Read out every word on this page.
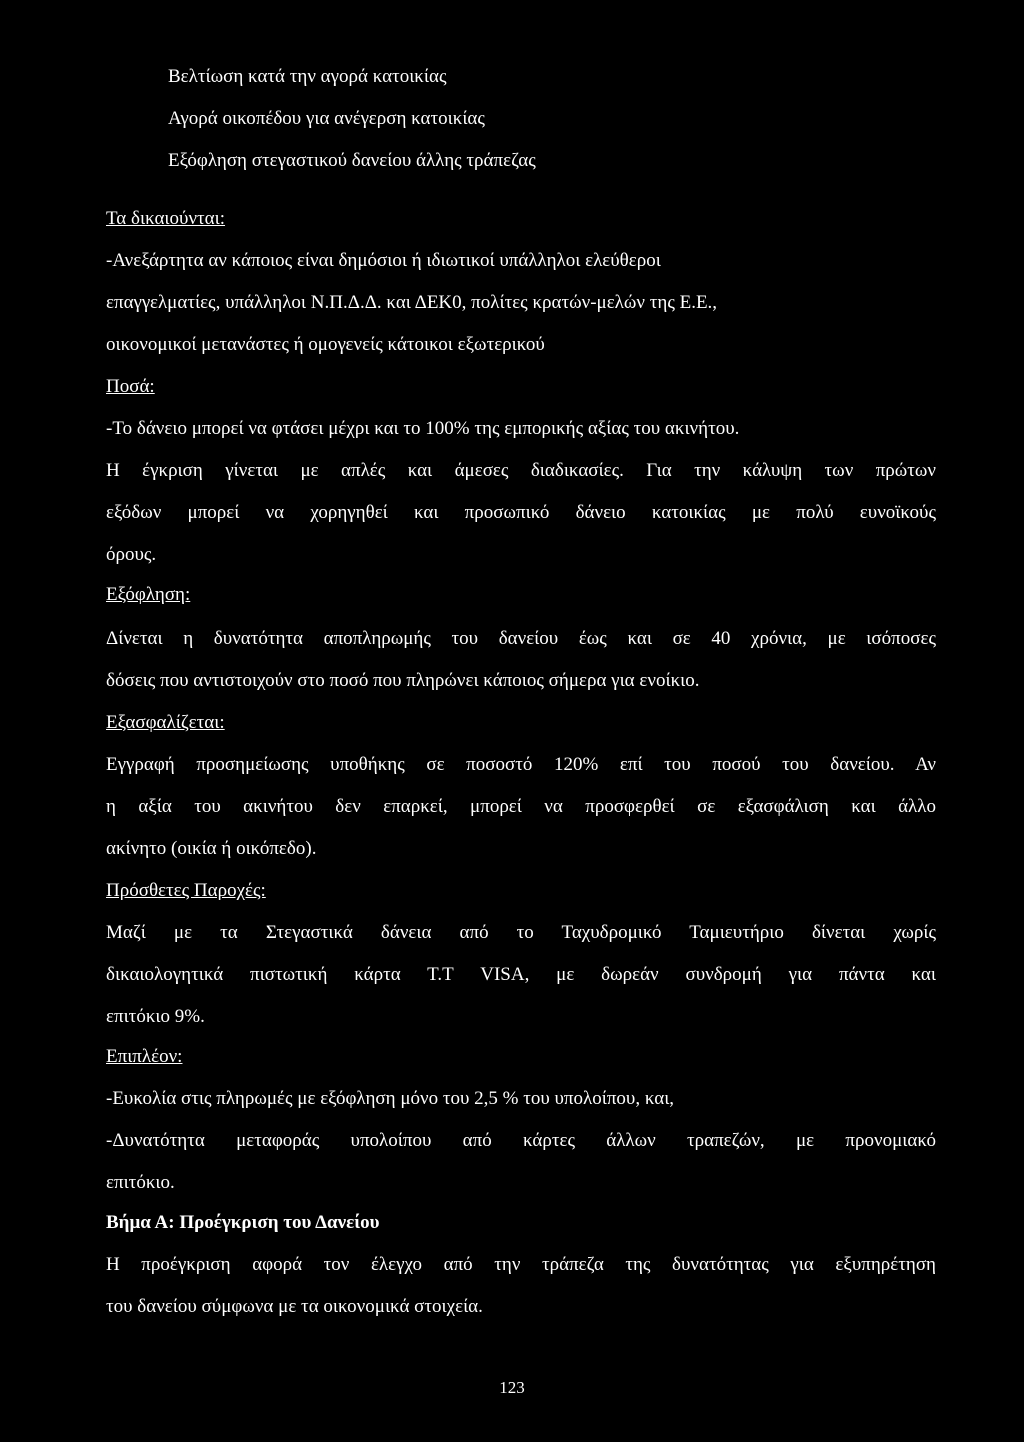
Βελτίωση κατά την αγορά κατοικίας
Αγορά οικοπέδου για ανέγερση κατοικίας
Εξόφληση στεγαστικού δανείου άλλης τράπεζας
Τα δικαιούνται:
-Ανεξάρτητα αν κάποιος είναι δημόσιοι ή ιδιωτικοί υπάλληλοι ελεύθεροι
επαγγελματίες, υπάλληλοι Ν.Π.Δ.Δ. και ΔΕΚ0, πολίτες κρατών-μελών της Ε.Ε.,
οικονομικοί μετανάστες ή ομογενείς κάτοικοι εξωτερικού
Ποσά:
-Το δάνειο μπορεί να φτάσει μέχρι και το 100% της εμπορικής αξίας του ακινήτου.
Η έγκριση γίνεται με απλές και άμεσες διαδικασίες. Για την κάλυψη των πρώτων
εξόδων μπορεί να χορηγηθεί και προσωπικό δάνειο κατοικίας με πολύ ευνοϊκούς
όρους.
Εξόφληση:
Δίνεται η δυνατότητα αποπληρωμής του δανείου έως και σε 40 χρόνια, με ισόποσες
δόσεις που αντιστοιχούν στο ποσό που πληρώνει κάποιος σήμερα για ενοίκιο.
Εξασφαλίζεται:
Εγγραφή προσημείωσης υποθήκης σε ποσοστό 120% επί του ποσού του δανείου. Αν
η αξία του ακινήτου δεν επαρκεί, μπορεί να προσφερθεί σε εξασφάλιση και άλλο
ακίνητο (οικία ή οικόπεδο).
Πρόσθετες Παροχές:
Μαζί με τα Στεγαστικά δάνεια από το Ταχυδρομικό Ταμιευτήριο δίνεται χωρίς
δικαιολογητικά πιστωτική κάρτα Τ.Τ VISA, με δωρεάν συνδρομή για πάντα και
επιτόκιο 9%.
Επιπλέον:
-Ευκολία στις πληρωμές με εξόφληση μόνο του 2,5 % του υπολοίπου, και,
-Δυνατότητα μεταφοράς υπολοίπου από κάρτες άλλων τραπεζών, με προνομιακό
επιτόκιο.
Βήμα Α: Προέγκριση του Δανείου
Η προέγκριση αφορά τον έλεγχο από την τράπεζα της δυνατότητας για εξυπηρέτηση
του δανείου σύμφωνα με τα οικονομικά στοιχεία.
123
